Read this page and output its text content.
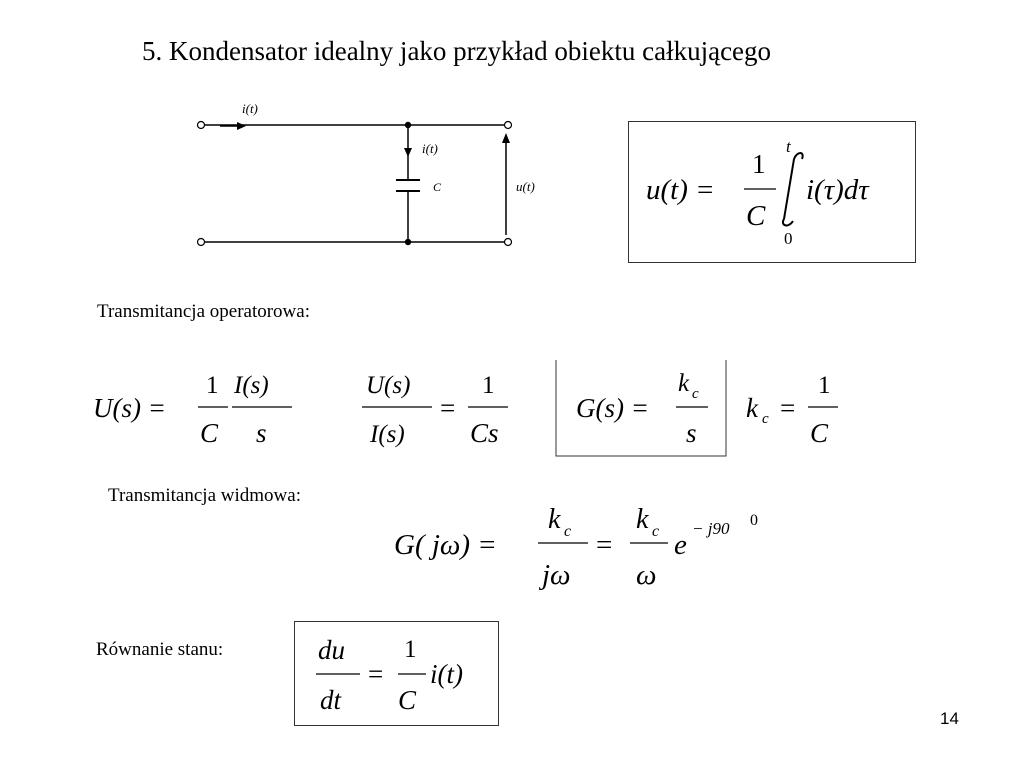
5. Kondensator idealny jako przykład obiektu całkującego
i(t)
i(t)
C	u(t)	u(t) =
1
C
t
0
i(τ)dτ
Transmitancja operatorowa:
U(s) =
1
C
I(s)
s
U(s)
I(s)
=
1
Cs
G(s) =
k c
s
k c =
1
C
Transmitancja widmowa:
G( jω) =
k c
jω
=
k c
ω
e
− j90 0
Równanie stanu:	du
dt
=
1
C
i(t)
14
